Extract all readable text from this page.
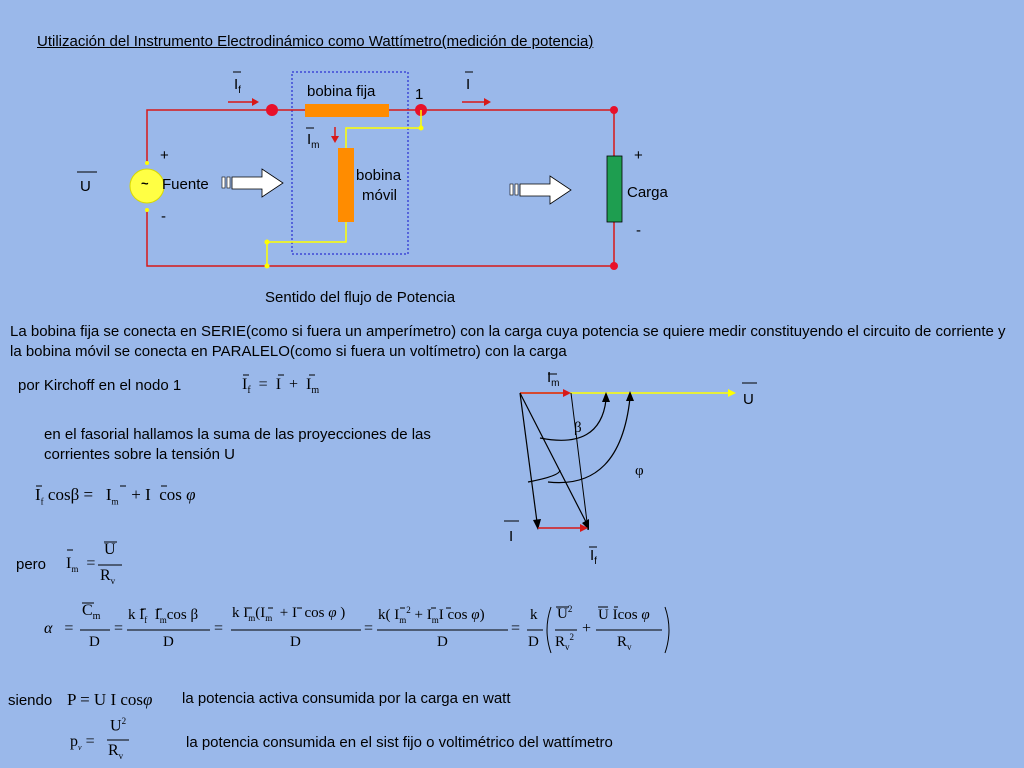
Utilización del Instrumento Electrodinámico como Wattímetro(medición de potencia)
bobina fija	1
bobina
móvil
~ Fuente	Carga
+
-
+
-
U
$I_f$	I
$I_m$
Sentido del flujo de Potencia
La bobina fija se conecta en SERIE(como si fuera un amperímetro) con la carga cuya potencia se quiere medir constituyendo el circuito de corriente y la bobina móvil se conecta en PARALELO(como si fuera un voltímetro) con la carga
por Kirchoff en el nodo 1	$I_f = I + I_m$
en el fasorial hallamos la suma de las proyecciones de las corrientes sobre la tensión U
$I_m$
U
β
φ
I
$I_f$
$I_f$ $\cos\beta = I_m + I$  cos φ
pero $I_m$  =
U
$R_v$
α   =
$C_m$
D
=
k $I_f$  $I_m\cos$ β
D
=
k $I_m(I_m + I$  cos φ )
D
=
k( $I_m^2 + I_mI$ cos φ)
D
=
k
D
$U^2$
$R_v^2$ +
U Icos φ
$R_v$
siendo P = U I cosφ la potencia activa consumida por la carga en watt
$p_v$ =
$U^2$
$R_v$
la potencia consumida en el sist fijo o voltimétrico del wattímetro
